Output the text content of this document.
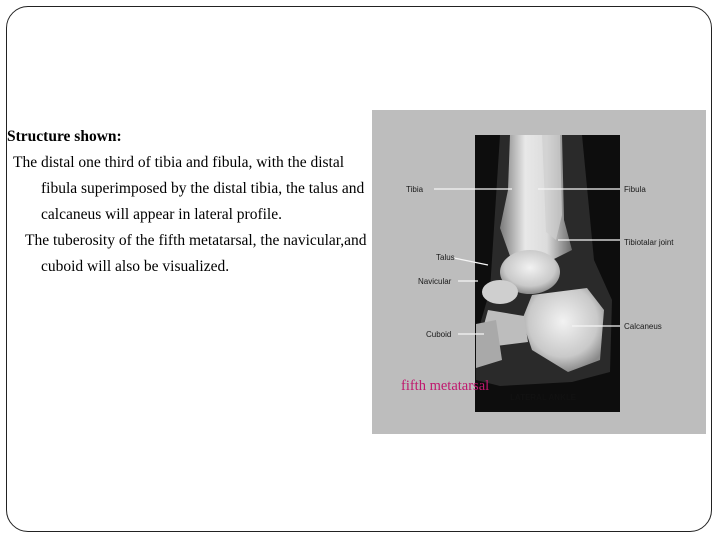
Structure shown:
The distal one third of tibia and fibula, with the distal fibula superimposed by the distal tibia, the talus and calcaneus will appear in lateral profile.
The tuberosity of the fifth metatarsal, the navicular,and cuboid will also be visualized.
Tibia	Fibula
Tibiotalar joint
Talus
Navicular
Cuboid
Calcaneus
LATERAL ANKLE
fifth metatarsal
